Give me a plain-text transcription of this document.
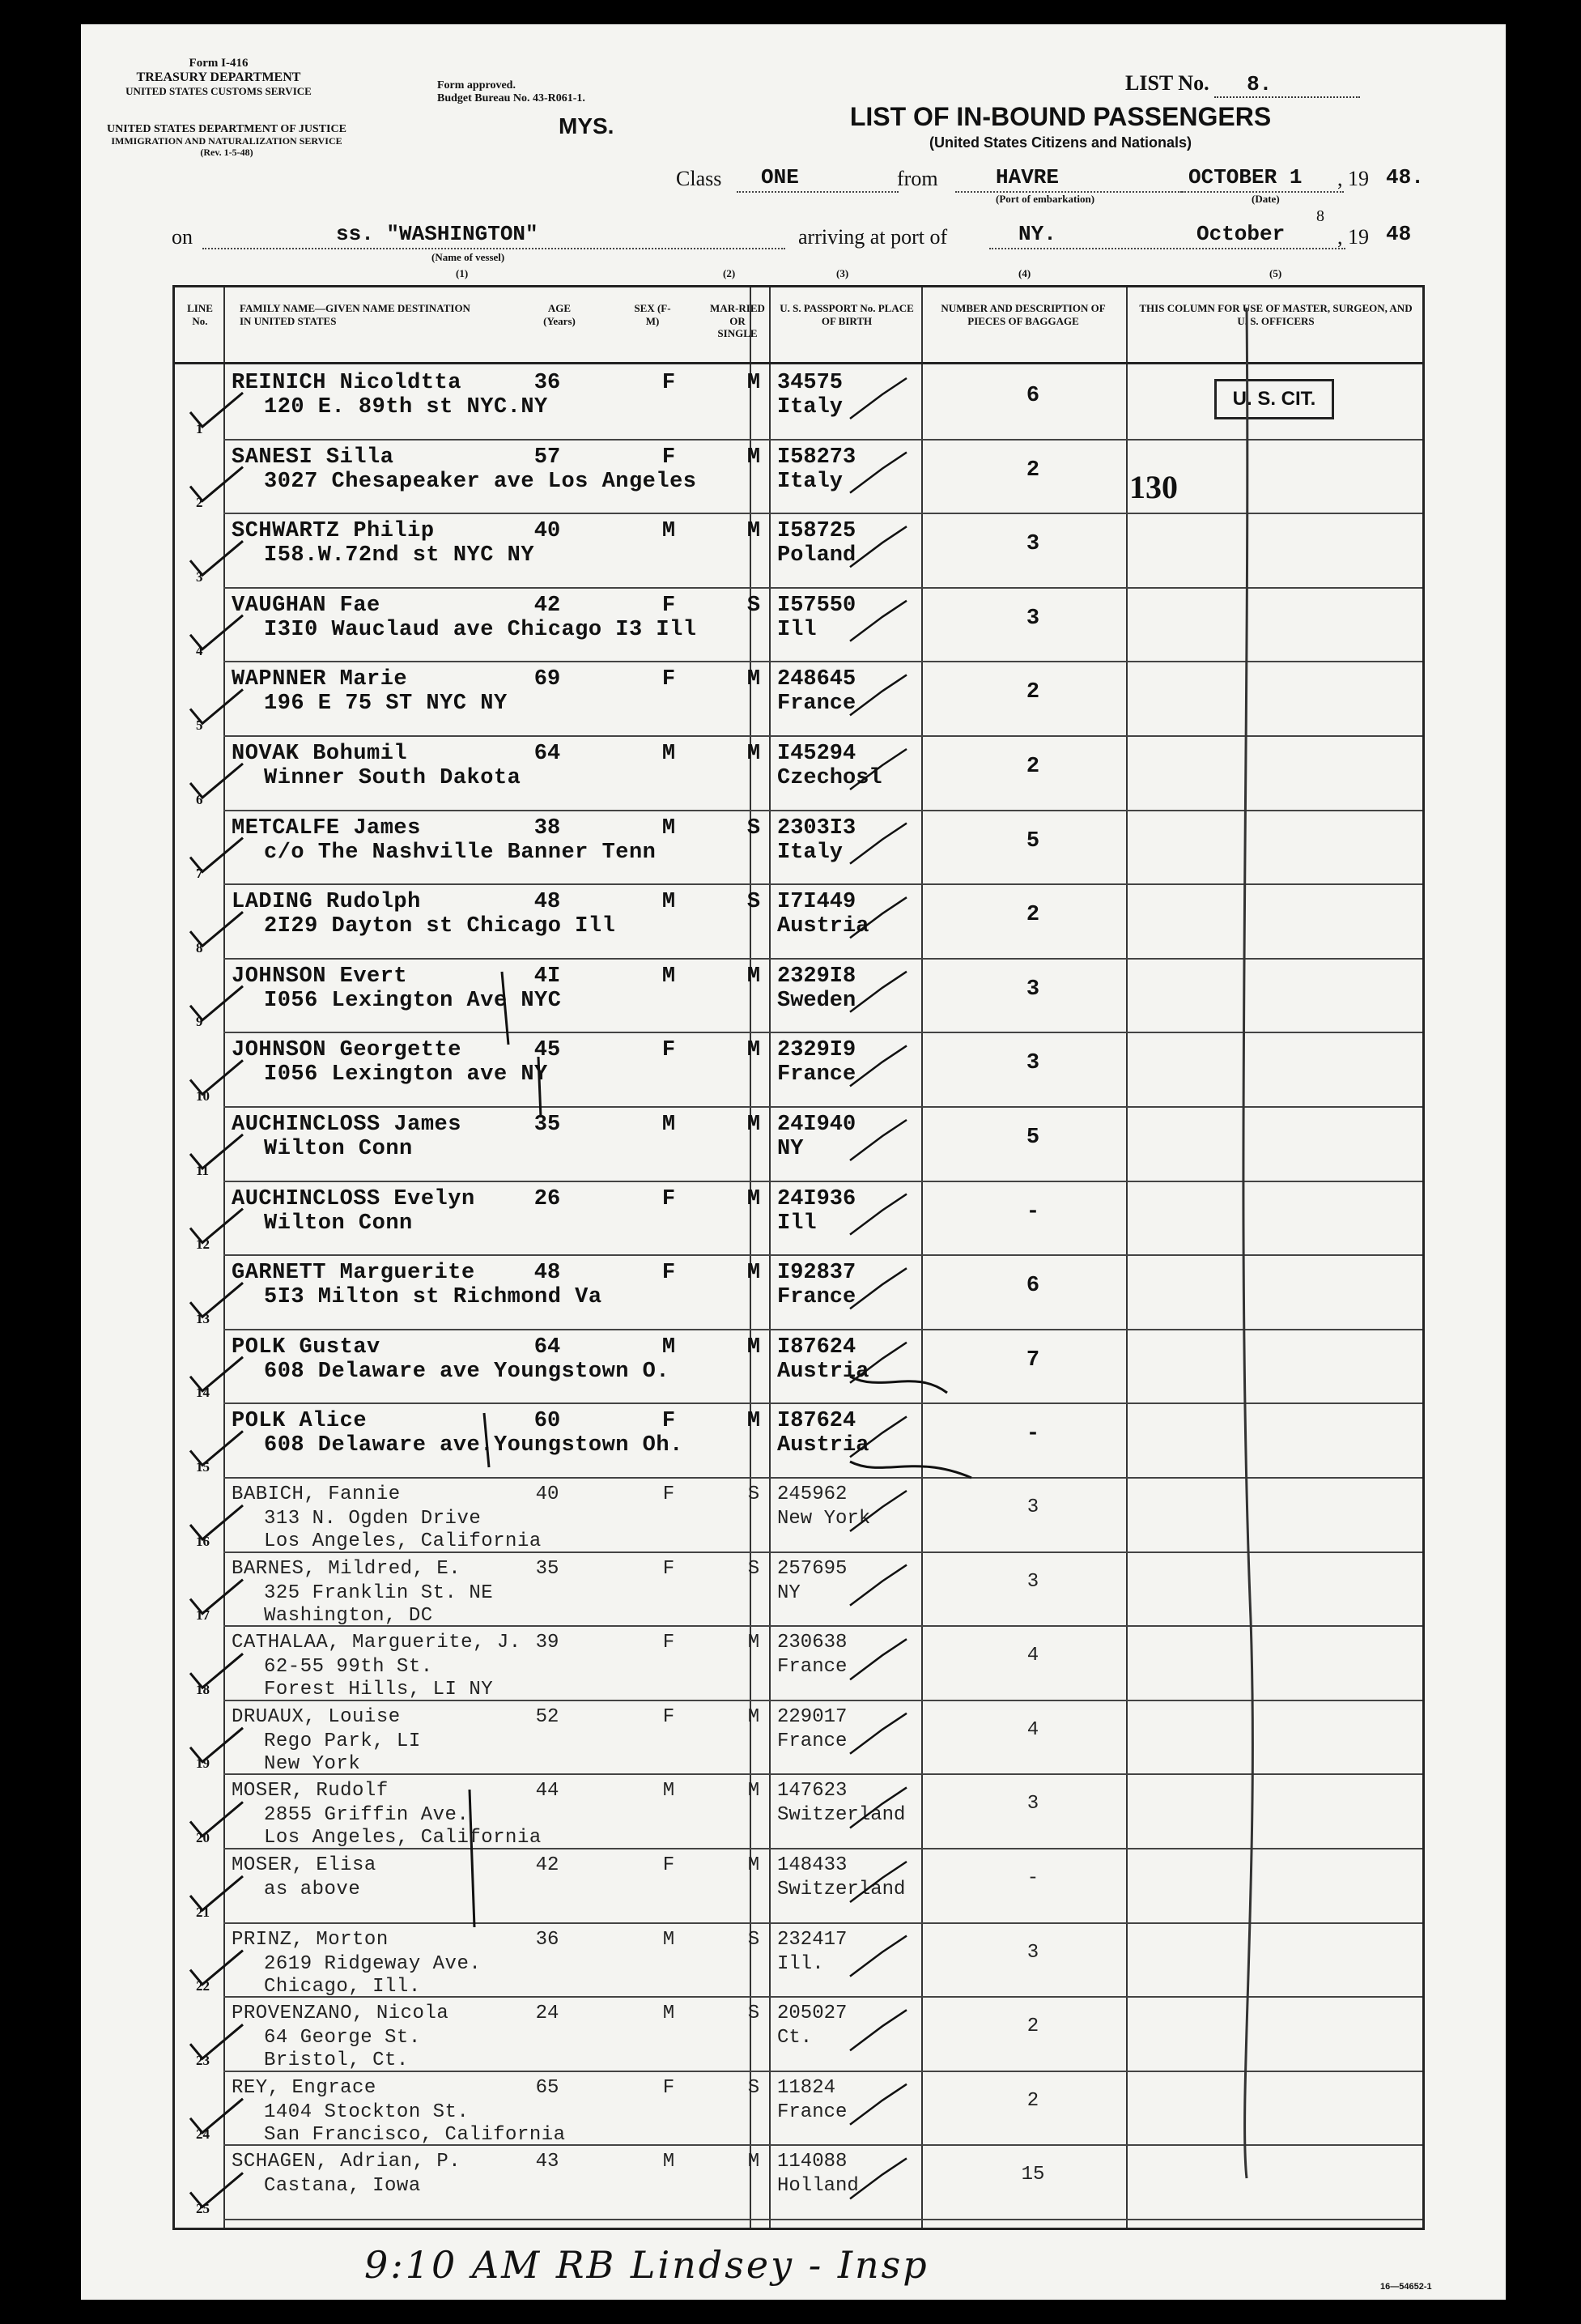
Form I-416
TREASURY DEPARTMENT
UNITED STATES CUSTOMS SERVICE
UNITED STATES DEPARTMENT OF JUSTICE
IMMIGRATION AND NATURALIZATION SERVICE
(Rev. 1-5-48)
Form approved.
Budget Bureau No. 43-R061-1.
MYS.
LIST No. 8.
LIST OF IN-BOUND PASSENGERS
(United States Citizens and Nationals)
Class ONE	from	HAVRE
(Port of embarkation)
OCTOBER 1
(Date)
, 19 48.
on	ss. "WASHINGTON"
(Name of vessel)
arriving at port of	NY.	October
8
, 19 48
(1)	(2)	(3)	(4)	(5)
LINE No.
FAMILY NAME—GIVEN NAME DESTINATION IN UNITED STATES
AGE (Years)
SEX (F-M)
MAR-RIED OR SINGLE
U. S. PASSPORT No. PLACE OF BIRTH
NUMBER AND DESCRIPTION OF PIECES OF BAGGAGE
THIS COLUMN FOR USE OF MASTER, SURGEON, AND U. S. OFFICERS
1
REINICH Nicoldtta
120 E. 89th st NYC.NY
36	F	M 34575
Italy	6
2
SANESI Silla
3027 Chesapeaker ave Los Angeles
57	F	M I58273
Italy	2
3
SCHWARTZ Philip
I58.W.72nd st NYC NY
40	M	M I58725
Poland	3
4
VAUGHAN Fae
I3I0 Wauclaud ave Chicago I3 Ill
42	F	S I57550
Ill	3
5
WAPNNER Marie
196 E 75 ST NYC NY
69	F	M 248645
France	2
6
NOVAK Bohumil
Winner South Dakota
64	M	M I45294
Czechosl	2
7
METCALFE James
c/o The Nashville Banner Tenn
38	M	S 2303I3
Italy	5
8
LADING Rudolph
2I29 Dayton st Chicago Ill
48	M	S I7I449
Austria	2
9
JOHNSON Evert
I056 Lexington Ave NYC
4I	M	M 2329I8
Sweden	3
10
JOHNSON Georgette
I056 Lexington ave NY
45	F	M 2329I9
France	3
11
AUCHINCLOSS James
Wilton Conn
35	M	M 24I940
NY	5
12
AUCHINCLOSS Evelyn
Wilton Conn
26	F	M 24I936
Ill	-
13
GARNETT Marguerite
5I3 Milton st Richmond Va
48	F	M I92837
France	6
14
POLK Gustav
608 Delaware ave Youngstown O.
64	M	M I87624
Austria	7
15
POLK Alice
608 Delaware ave.Youngstown Oh.
60	F	M I87624
Austria	-
16
BABICH, Fannie
313 N. Ogden Drive
Los Angeles, California
40	F	S 245962
New York
3
17
BARNES, Mildred, E.
325 Franklin St. NE
Washington, DC
35	F	S 257695
NY
3
18
CATHALAA, Marguerite, J.
62-55 99th St.
Forest Hills, LI NY
39	F	M 230638
France
4
19
DRUAUX, Louise
Rego Park, LI
New York
52	F	M 229017
France
4
20
MOSER, Rudolf
2855 Griffin Ave.
Los Angeles, California
44	M	M 147623
Switzerland
3
21
MOSER, Elisa
as above
42	F	M 148433
Switzerland
-
22
PRINZ, Morton
2619 Ridgeway Ave.
Chicago, Ill.
36	M	S 232417
Ill.
3
23
PROVENZANO, Nicola
64 George St.
Bristol, Ct.
24	M	S 205027
Ct.
2
24
REY, Engrace
1404 Stockton St.
San Francisco, California
65	F	S 11824
France
2
25
SCHAGEN, Adrian, P.
Castana, Iowa
43	M	M 114088
Holland
15
U. S. CIT.
130
9:10 AM RB Lindsey - Insp	16—54652-1
